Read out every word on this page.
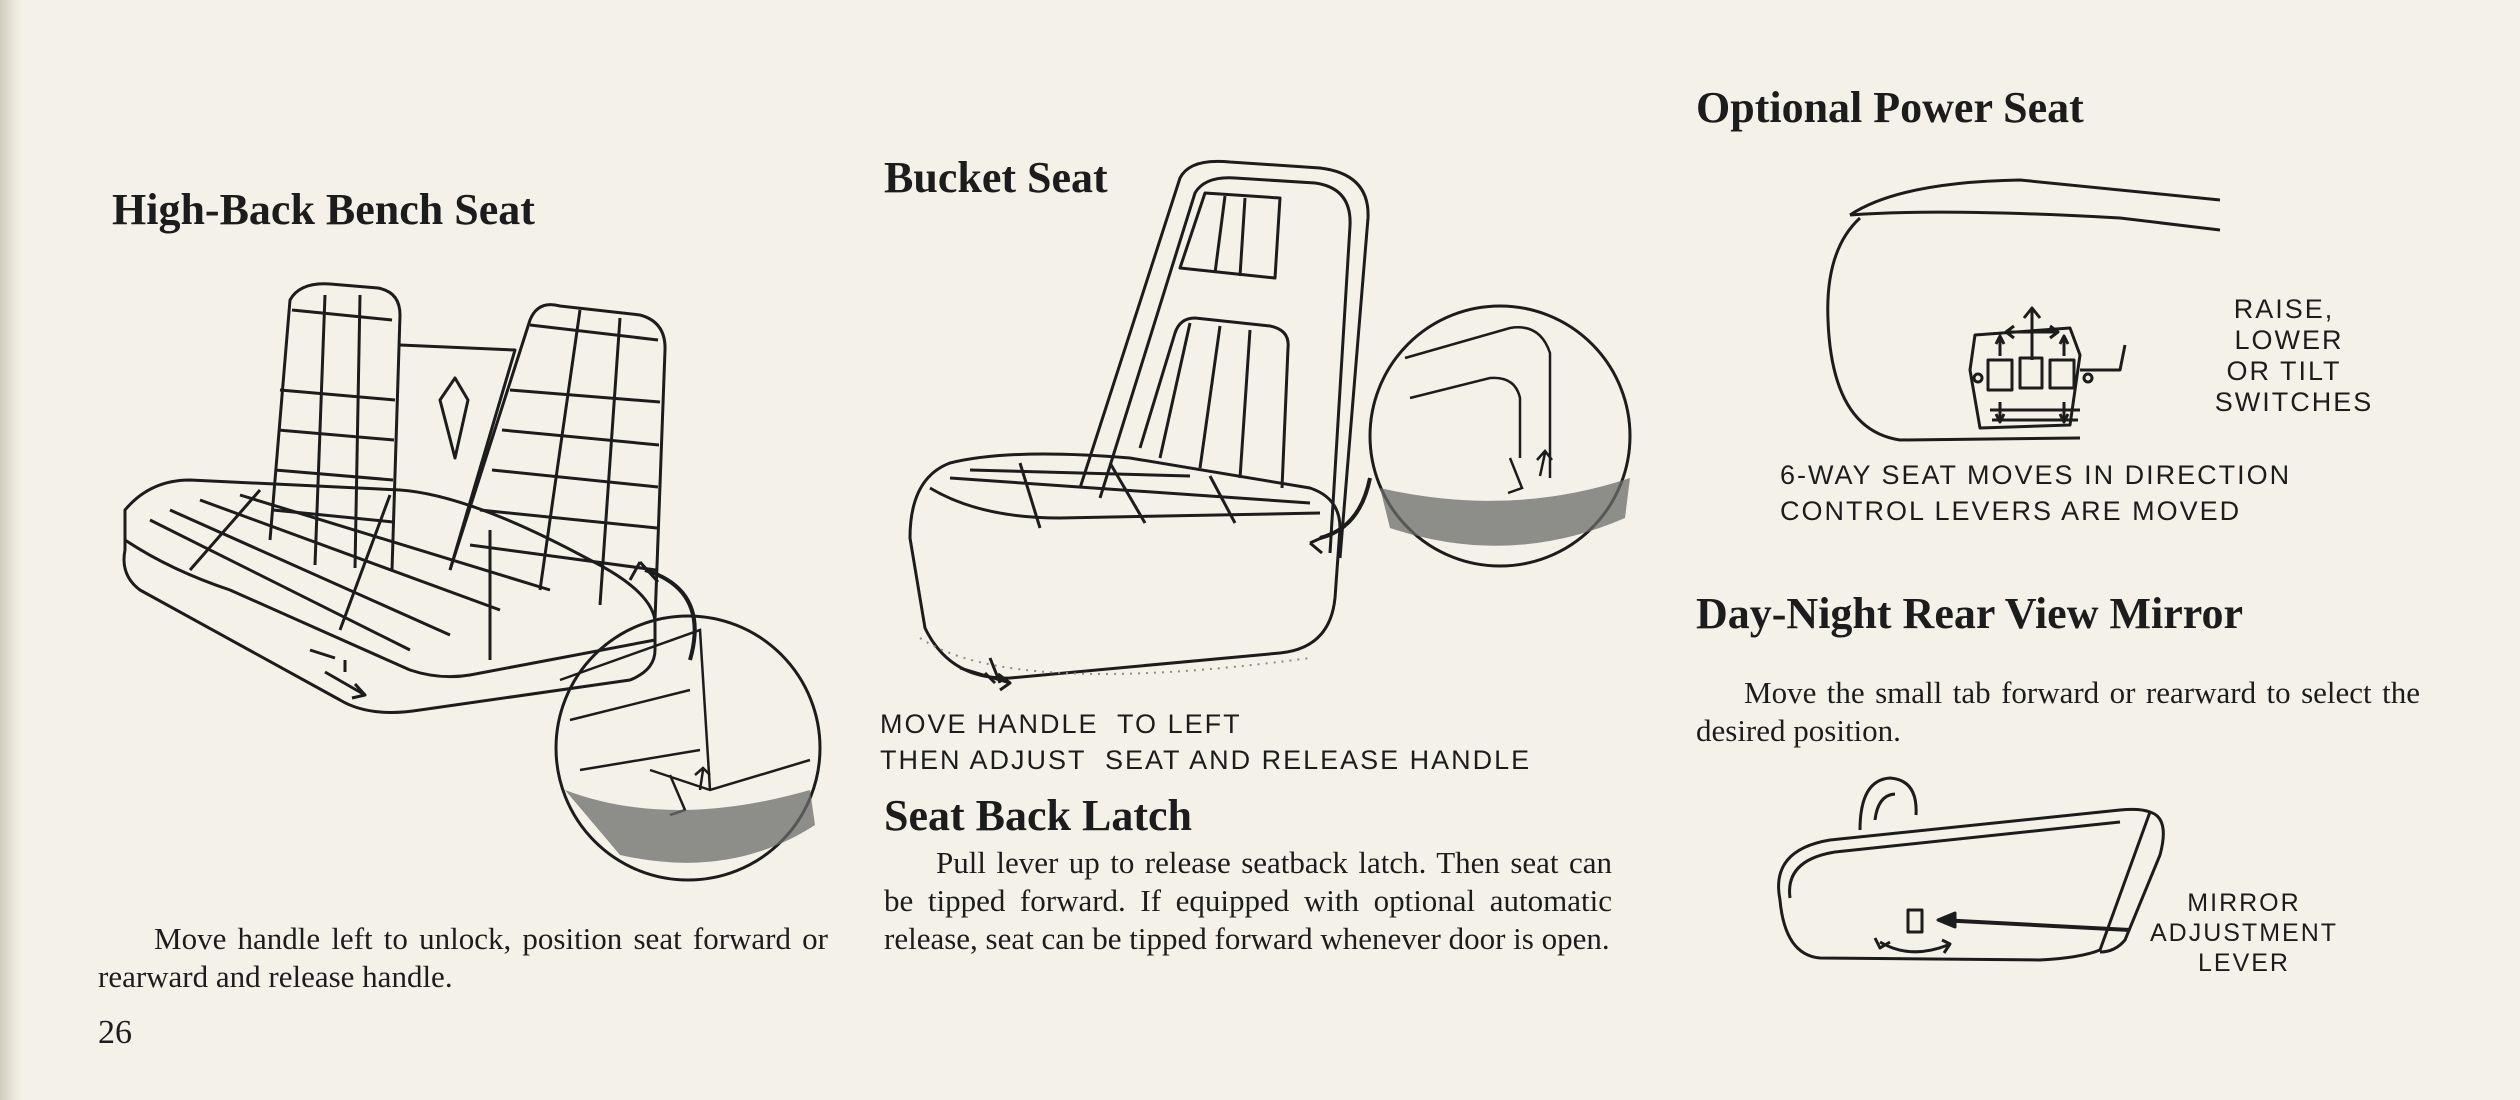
High-Back Bench Seat
Move handle left to unlock, position seat forward or rearward and release handle.
26
Bucket Seat
MOVE HANDLE  TO LEFT
THEN ADJUST  SEAT AND RELEASE HANDLE
Seat Back Latch
Pull lever up to release seatback latch. Then seat can be tipped forward. If equipped with optional automatic release, seat can be tipped forward whenever door is open.
Optional Power Seat
RAISE,
LOWER
OR TILT
SWITCHES
6-WAY SEAT MOVES IN DIRECTION
CONTROL LEVERS ARE MOVED
Day-Night Rear View Mirror
Move the small tab forward or rearward to select the desired position.
MIRROR
ADJUSTMENT
LEVER
